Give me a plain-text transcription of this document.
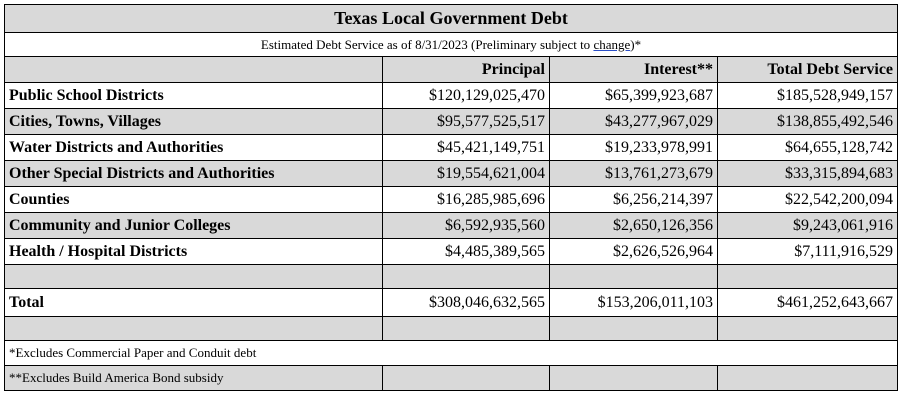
Texas Local Government Debt			
Estimated Debt Service as of 8/31/2023 (Preliminary subject to change)*			
	Principal	Interest**	Total Debt Service
Public School Districts	$120,129,025,470	$65,399,923,687	$185,528,949,157
Cities, Towns, Villages	$95,577,525,517	$43,277,967,029	$138,855,492,546
Water Districts and Authorities	$45,421,149,751	$19,233,978,991	$64,655,128,742
Other Special Districts and Authorities	$19,554,621,004	$13,761,273,679	$33,315,894,683
Counties	$16,285,985,696	$6,256,214,397	$22,542,200,094
Community and Junior Colleges	$6,592,935,560	$2,650,126,356	$9,243,061,916
Health / Hospital Districts	$4,485,389,565	$2,626,526,964	$7,111,916,529

Total	$308,046,632,565	$153,206,011,103	$461,252,643,667

*Excludes Commercial Paper and Conduit debt			
**Excludes Build America Bond subsidy			
